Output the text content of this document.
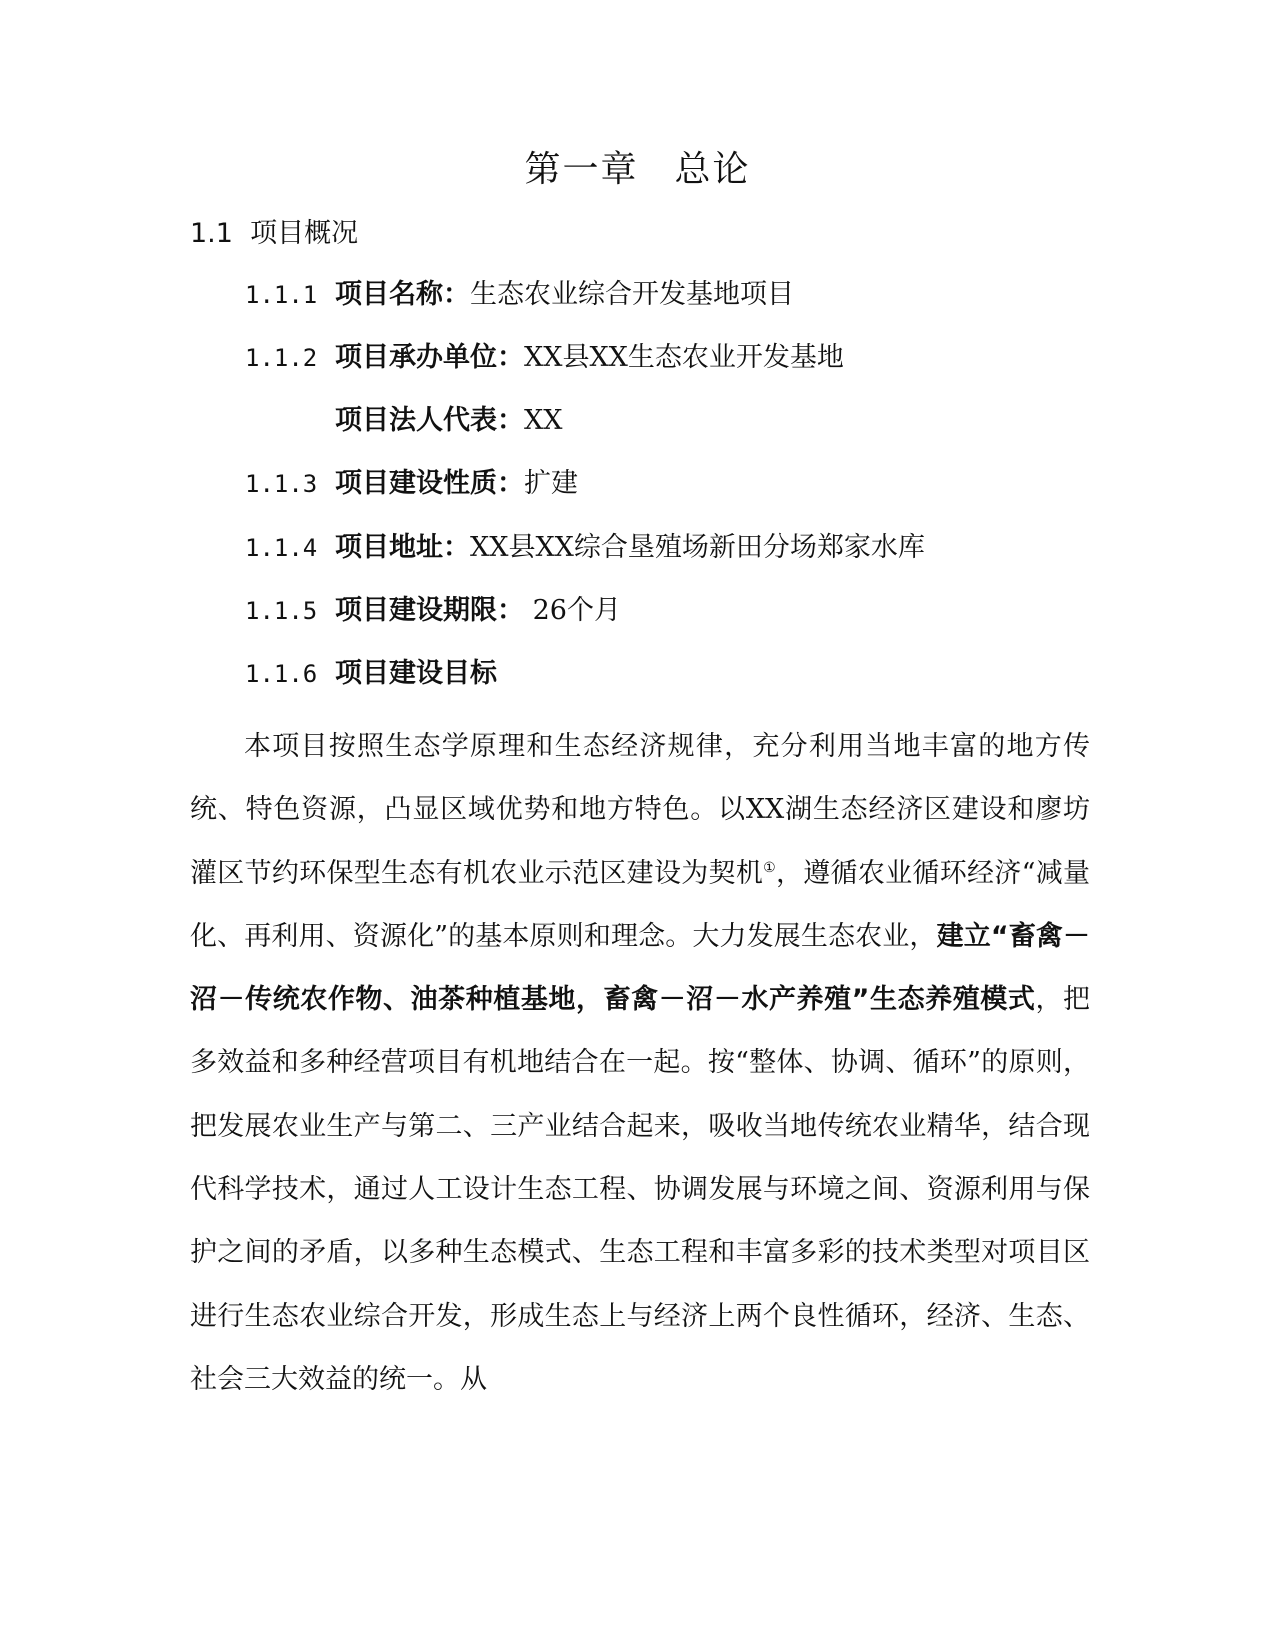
第一章 总论
1.1 项目概况
1.1.1 项目名称：生态农业综合开发基地项目
1.1.2 项目承办单位：XX县XX生态农业开发基地
项目法人代表：XX
1.1.3 项目建设性质：扩建
1.1.4 项目地址：XX县XX综合垦殖场新田分场郑家水库
1.1.5 项目建设期限： 26个月
1.1.6 项目建设目标

本项目按照生态学原理和生态经济规律，充分利用当地丰富的地方传统、特色资源，凸显区域优势和地方特色。以XX湖生态经济区建设和廖坊灌区节约环保型生态有机农业示范区建设为契机①，遵循农业循环经济“减量化、再利用、资源化”的基本原则和理念。大力发展生态农业，建立“畜禽－沼－传统农作物、油茶种植基地，畜禽－沼－水产养殖”生态养殖模式，把多效益和多种经营项目有机地结合在一起。按“整体、协调、循环”的原则，把发展农业生产与第二、三产业结合起来，吸收当地传统农业精华，结合现代科学技术，通过人工设计生态工程、协调发展与环境之间、资源利用与保护之间的矛盾，以多种生态模式、生态工程和丰富多彩的技术类型对项目区进行生态农业综合开发，形成生态上与经济上两个良性循环，经济、生态、社会三大效益的统一。从
